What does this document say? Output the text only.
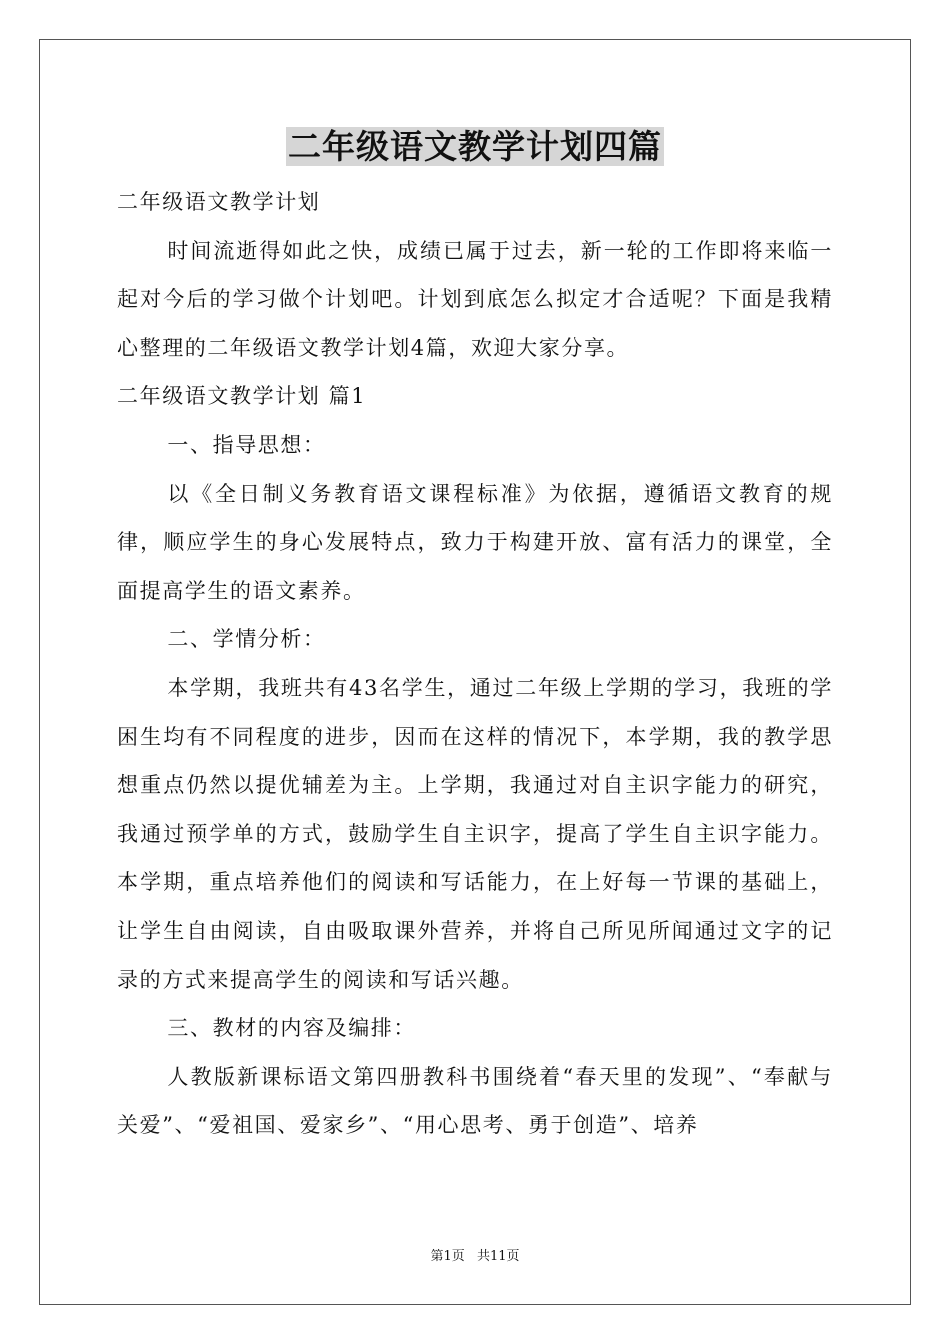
二年级语文教学计划四篇

二年级语文教学计划

时间流逝得如此之快，成绩已属于过去，新一轮的工作即将来临一起对今后的学习做个计划吧。计划到底怎么拟定才合适呢？下面是我精心整理的二年级语文教学计划4篇，欢迎大家分享。

二年级语文教学计划 篇1

一、指导思想：

以《全日制义务教育语文课程标准》为依据，遵循语文教育的规律，顺应学生的身心发展特点，致力于构建开放、富有活力的课堂，全面提高学生的语文素养。

二、学情分析：

本学期，我班共有43名学生，通过二年级上学期的学习，我班的学困生均有不同程度的进步，因而在这样的情况下，本学期，我的教学思想重点仍然以提优辅差为主。上学期，我通过对自主识字能力的研究，我通过预学单的方式，鼓励学生自主识字，提高了学生自主识字能力。本学期，重点培养他们的阅读和写话能力，在上好每一节课的基础上，让学生自由阅读，自由吸取课外营养，并将自己所见所闻通过文字的记录的方式来提高学生的阅读和写话兴趣。

三、教材的内容及编排：

人教版新课标语文第四册教科书围绕着“春天里的发现”、“奉献与关爱”、“爱祖国、爱家乡”、“用心思考、勇于创造”、培养

第1页 共11页
